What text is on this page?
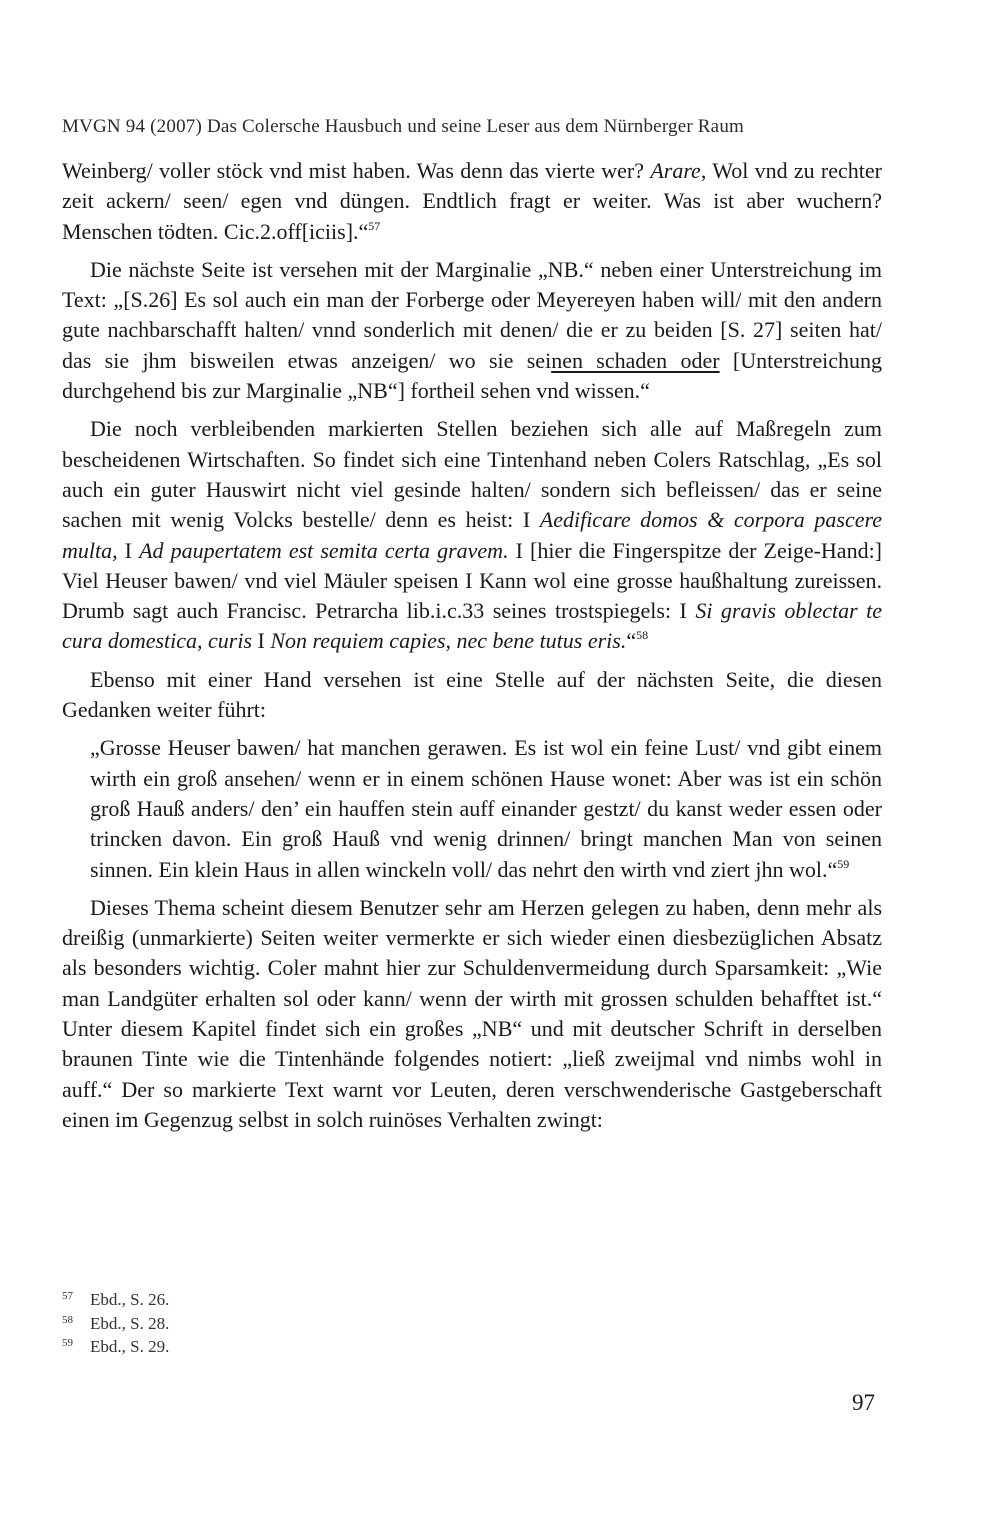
MVGN 94 (2007) Das Colersche Hausbuch und seine Leser aus dem Nürnberger Raum

Weinberg/ voller stöck vnd mist haben. Was denn das vierte wer? Arare, Wol vnd zu rechter zeit ackern/ seen/ egen vnd düngen. Endtlich fragt er weiter. Was ist aber wuchern? Menschen tödten. Cic.2.off[iciis].“$^{57}$

Die nächste Seite ist versehen mit der Marginalie „NB.“ neben einer Unterstreichung im Text: „[S.26] Es sol auch ein man der Forberge oder Meyereyen haben will/ mit den andern gute nachbarschafft halten/ vnnd sonderlich mit denen/ die er zu beiden [S. 27] seiten hat/ das sie jhm bisweilen etwas anzeigen/ wo sie seinen schaden oder [Unterstreichung durchgehend bis zur Marginalie „NB“] fortheil sehen vnd wissen.“

Die noch verbleibenden markierten Stellen beziehen sich alle auf Maßregeln zum bescheidenen Wirtschaften. So findet sich eine Tintenhand neben Colers Ratschlag, „Es sol auch ein guter Hauswirt nicht viel gesinde halten/ sondern sich befleissen/ das er seine sachen mit wenig Volcks bestelle/ denn es heist: I Aedificare domos & corpora pascere multa, I Ad paupertatem est semita certa gravem. I [hier die Fingerspitze der Zeige-Hand:] Viel Heuser bawen/ vnd viel Mäuler speisen I Kann wol eine grosse haußhaltung zureissen. Drumb sagt auch Francisc. Petrarcha lib.i.c.33 seines trostspiegels: I Si gravis oblectar te cura domestica, curis I Non requiem capies, nec bene tutus eris.“$^{58}$

Ebenso mit einer Hand versehen ist eine Stelle auf der nächsten Seite, die diesen Gedanken weiter führt:

„Grosse Heuser bawen/ hat manchen gerawen. Es ist wol ein feine Lust/ vnd gibt einem wirth ein groß ansehen/ wenn er in einem schönen Hause wonet: Aber was ist ein schön groß Hauß anders/ den’ ein hauffen stein auff einander gestzt/ du kanst weder essen oder trincken davon. Ein groß Hauß vnd wenig drinnen/ bringt manchen Man von seinen sinnen. Ein klein Haus in allen winckeln voll/ das nehrt den wirth vnd ziert jhn wol.“$^{59}$

Dieses Thema scheint diesem Benutzer sehr am Herzen gelegen zu haben, denn mehr als dreißig (unmarkierte) Seiten weiter vermerkte er sich wieder einen diesbezüglichen Absatz als besonders wichtig. Coler mahnt hier zur Schuldenvermeidung durch Sparsamkeit: „Wie man Landgüter erhalten sol oder kann/ wenn der wirth mit grossen schulden behafftet ist.“ Unter diesem Kapitel findet sich ein großes „NB“ und mit deutscher Schrift in derselben braunen Tinte wie die Tintenhände folgendes notiert: „ließ zweijmal vnd nimbs wohl in auff.“ Der so markierte Text warnt vor Leuten, deren verschwenderische Gastgeberschaft einen im Gegenzug selbst in solch ruinöses Verhalten zwingt:

57 Ebd., S. 26.
58 Ebd., S. 28.
59 Ebd., S. 29.
97
